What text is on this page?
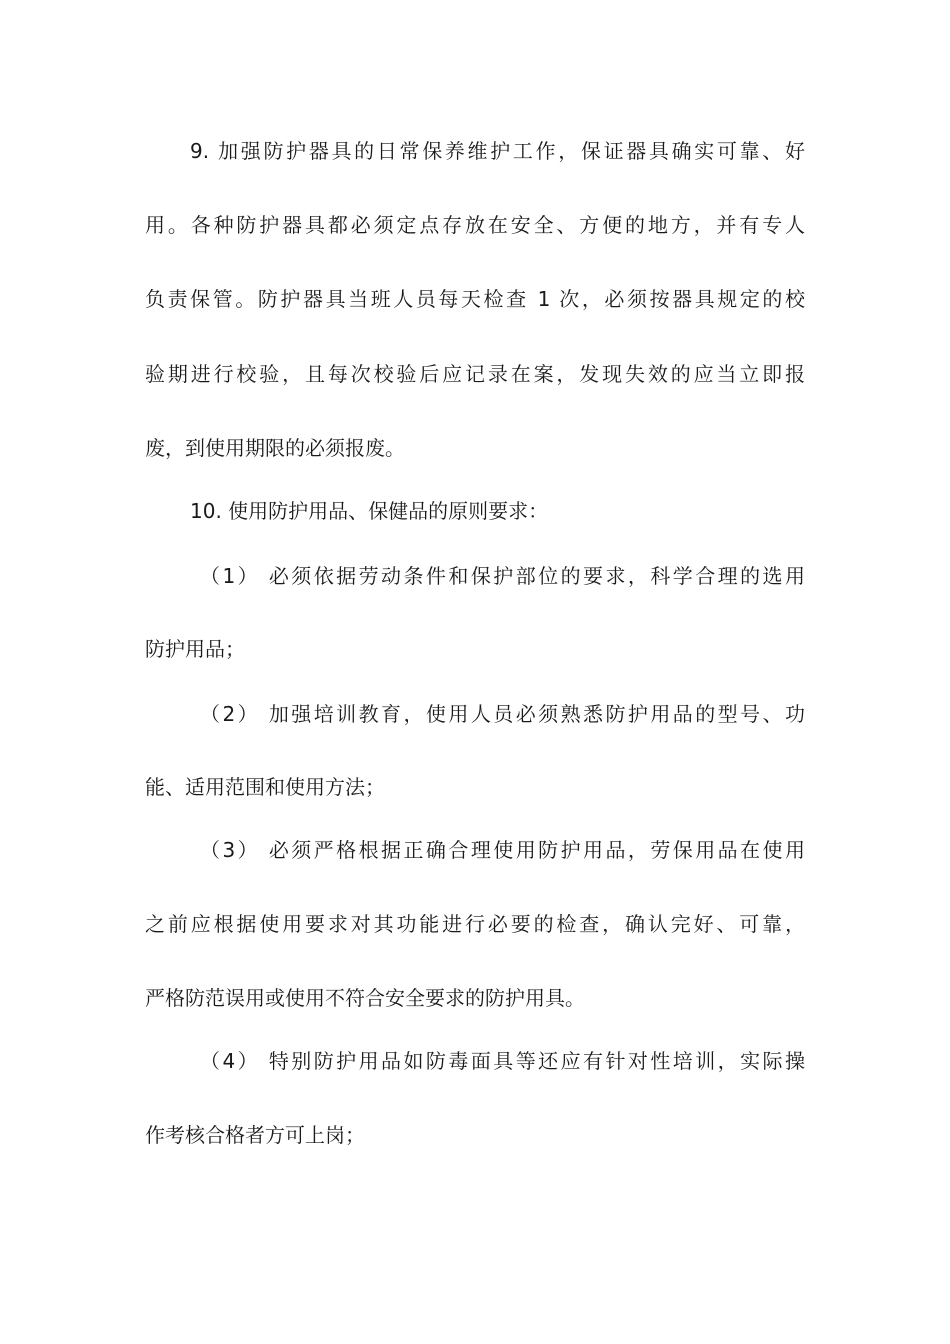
9. 加强防护器具的日常保养维护工作，保证器具确实可靠、好
用。各种防护器具都必须定点存放在安全、方便的地方，并有专人
负责保管。防护器具当班人员每天检查 1 次，必须按器具规定的校
验期进行校验，且每次校验后应记录在案，发现失效的应当立即报
废，到使用期限的必须报废。
10. 使用防护用品、保健品的原则要求：
（1） 必须依据劳动条件和保护部位的要求，科学合理的选用
防护用品；
（2） 加强培训教育，使用人员必须熟悉防护用品的型号、功
能、适用范围和使用方法；
（3） 必须严格根据正确合理使用防护用品，劳保用品在使用
之前应根据使用要求对其功能进行必要的检查，确认完好、可靠，
严格防范误用或使用不符合安全要求的防护用具。
（4） 特别防护用品如防毒面具等还应有针对性培训，实际操
作考核合格者方可上岗；
